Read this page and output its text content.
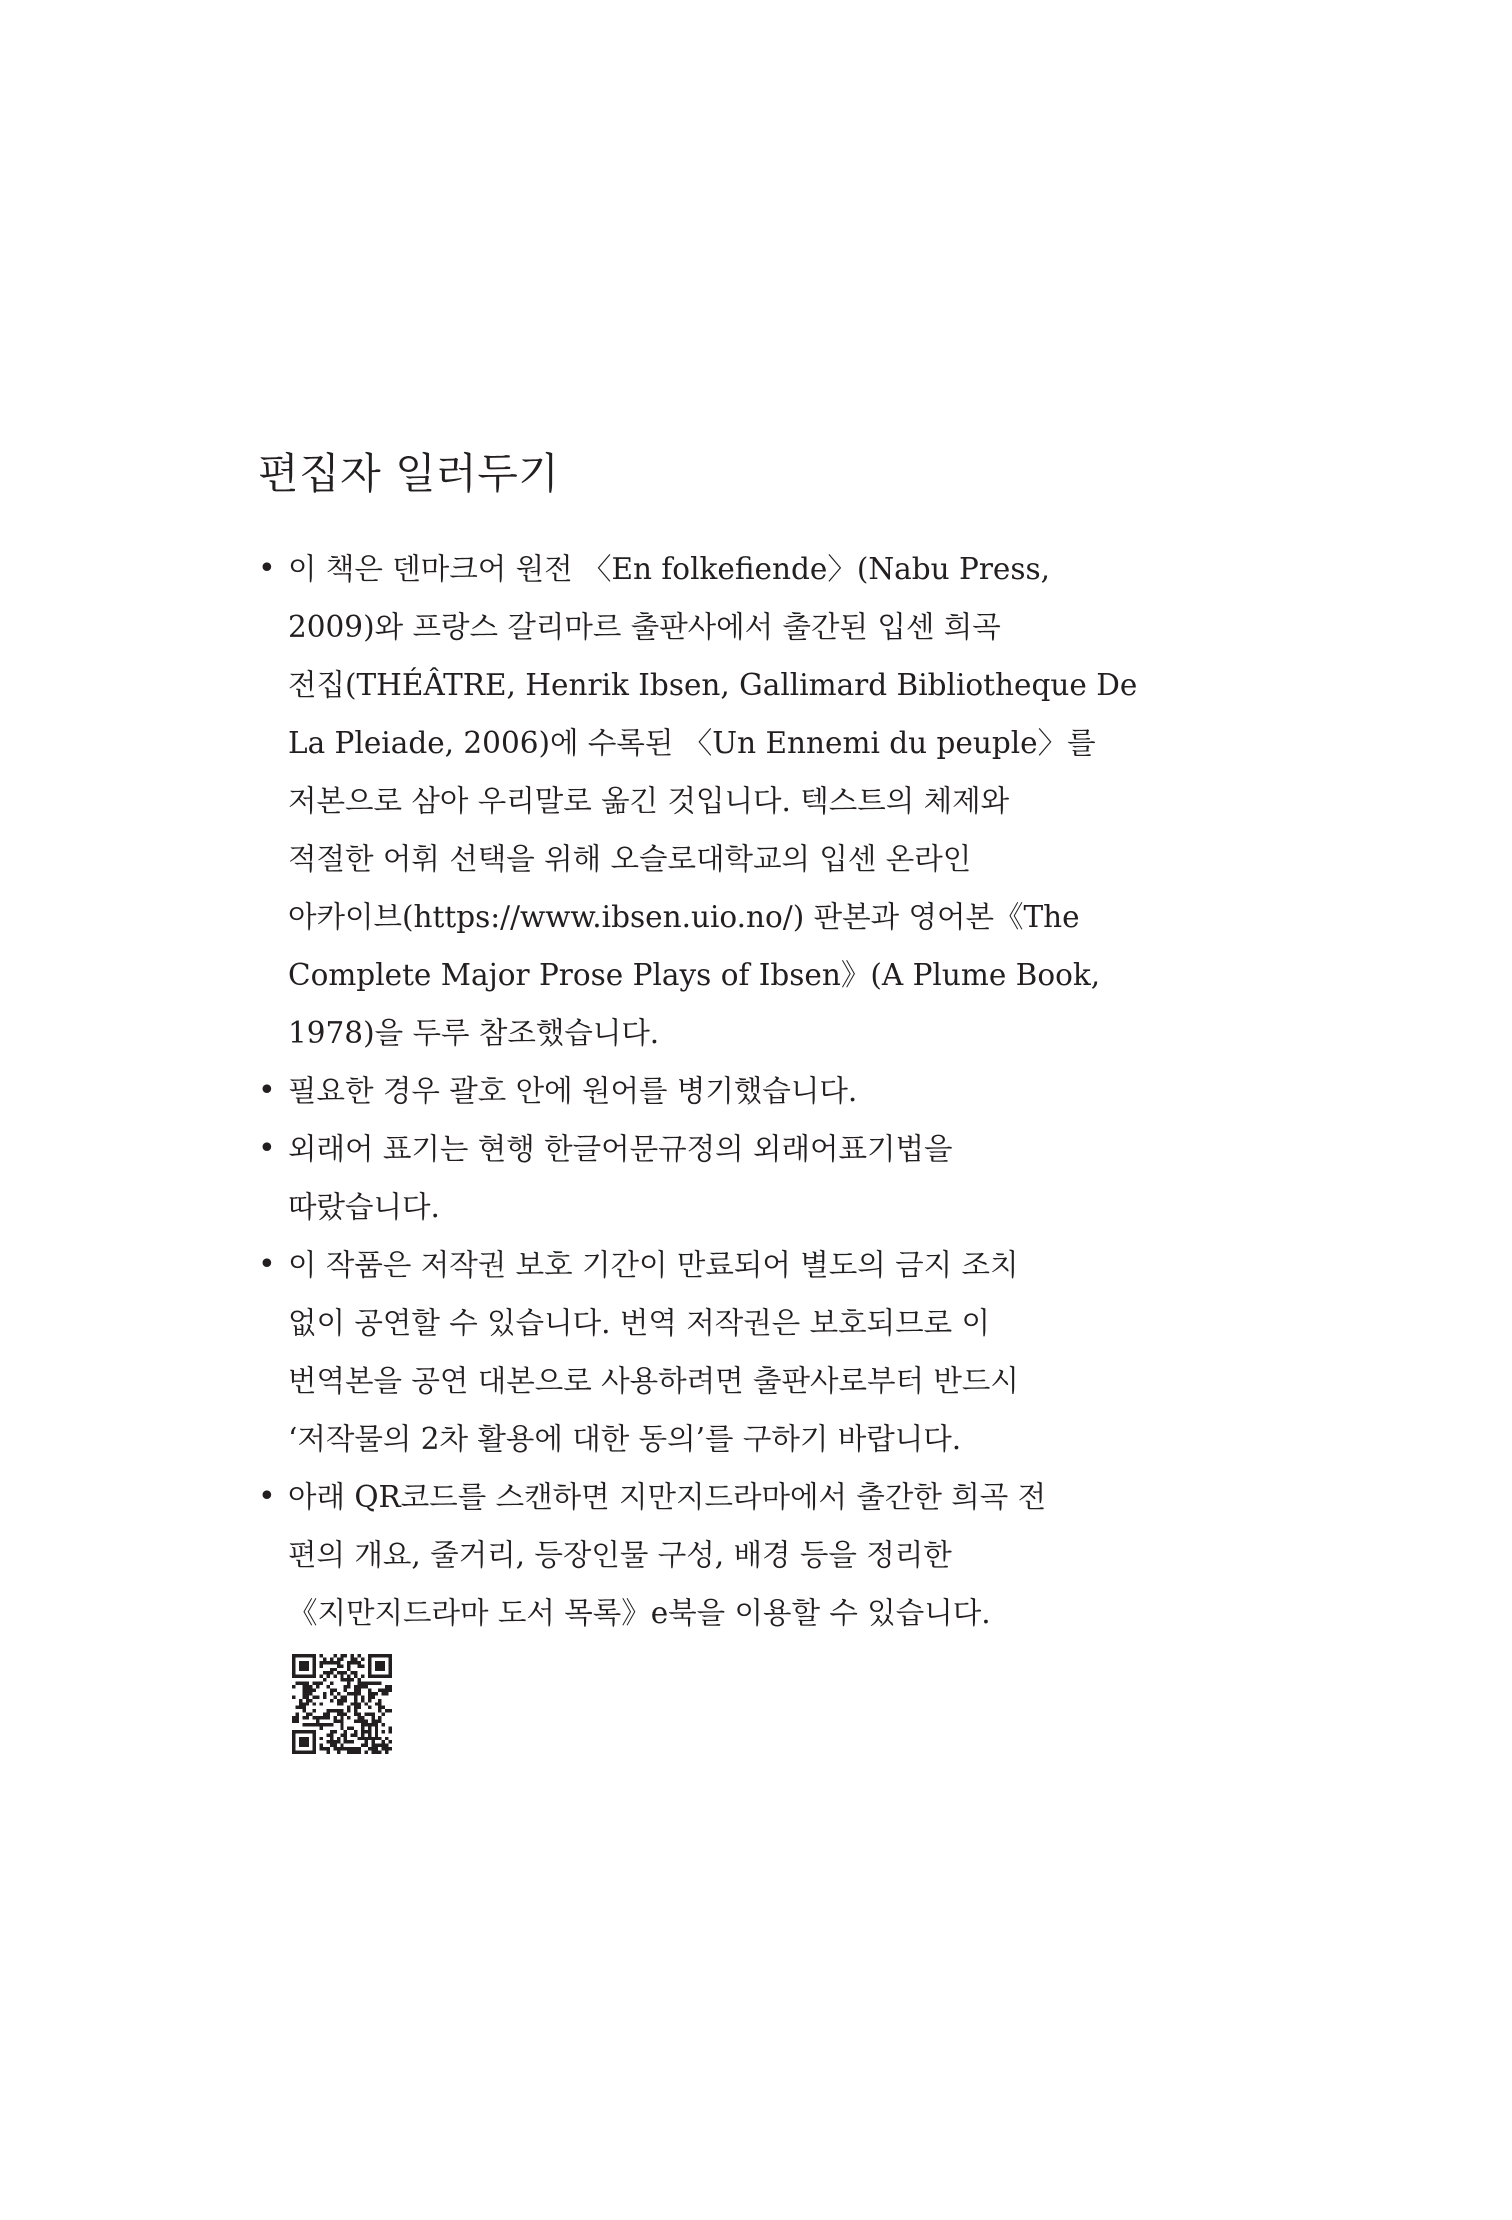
편집자 일러두기
• 이 책은 덴마크어 원전 〈En folkefiende〉(Nabu Press,
2009)와 프랑스 갈리마르 출판사에서 출간된 입센 희곡
전집(THÉÂTRE, Henrik Ibsen, Gallimard Bibliotheque De
La Pleiade, 2006)에 수록된 〈Un Ennemi du peuple〉를
저본으로 삼아 우리말로 옮긴 것입니다. 텍스트의 체제와
적절한 어휘 선택을 위해 오슬로대학교의 입센 온라인
아카이브(https://www.ibsen.uio.no/) 판본과 영어본《The
Complete Major Prose Plays of Ibsen》(A Plume Book,
1978)을 두루 참조했습니다.
• 필요한 경우 괄호 안에 원어를 병기했습니다.
• 외래어 표기는 현행 한글어문규정의 외래어표기법을
따랐습니다.
• 이 작품은 저작권 보호 기간이 만료되어 별도의 금지 조치
없이 공연할 수 있습니다. 번역 저작권은 보호되므로 이
번역본을 공연 대본으로 사용하려면 출판사로부터 반드시
‘저작물의 2차 활용에 대한 동의’를 구하기 바랍니다.
• 아래 QR코드를 스캔하면 지만지드라마에서 출간한 희곡 전
편의 개요, 줄거리, 등장인물 구성, 배경 등을 정리한
《지만지드라마 도서 목록》e북을 이용할 수 있습니다.
